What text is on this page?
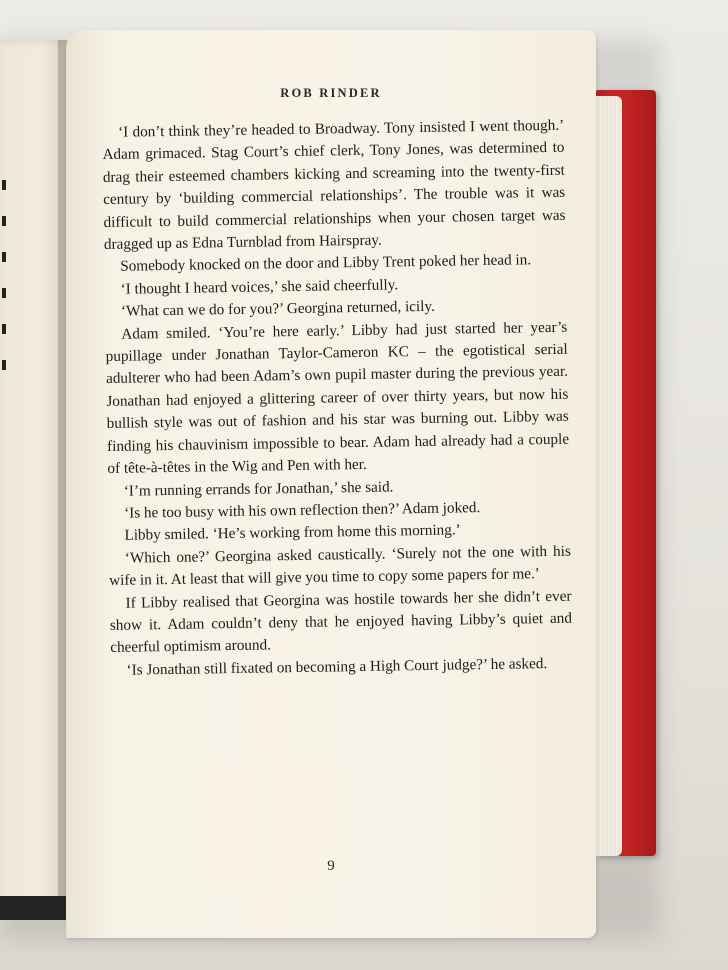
ROB RINDER

‘I don’t think they’re headed to Broadway. Tony insisted I went though.’ Adam grimaced. Stag Court’s chief clerk, Tony Jones, was determined to drag their esteemed chambers kicking and screaming into the twenty-first century by ‘building commercial relationships’. The trouble was it was difficult to build commercial relationships when your chosen target was dragged up as Edna Turnblad from Hairspray.

Somebody knocked on the door and Libby Trent poked her head in.

‘I thought I heard voices,’ she said cheerfully.

‘What can we do for you?’ Georgina returned, icily.

Adam smiled. ‘You’re here early.’ Libby had just started her year’s pupillage under Jonathan Taylor-Cameron KC – the egotistical serial adulterer who had been Adam’s own pupil master during the previous year. Jonathan had enjoyed a glittering career of over thirty years, but now his bullish style was out of fashion and his star was burning out. Libby was finding his chauvinism impossible to bear. Adam had already had a couple of tête-à-têtes in the Wig and Pen with her.

‘I’m running errands for Jonathan,’ she said.

‘Is he too busy with his own reflection then?’ Adam joked.

Libby smiled. ‘He’s working from home this morning.’

‘Which one?’ Georgina asked caustically. ‘Surely not the one with his wife in it. At least that will give you time to copy some papers for me.’

If Libby realised that Georgina was hostile towards her she didn’t ever show it. Adam couldn’t deny that he enjoyed having Libby’s quiet and cheerful optimism around.

‘Is Jonathan still fixated on becoming a High Court judge?’ he asked.

9
